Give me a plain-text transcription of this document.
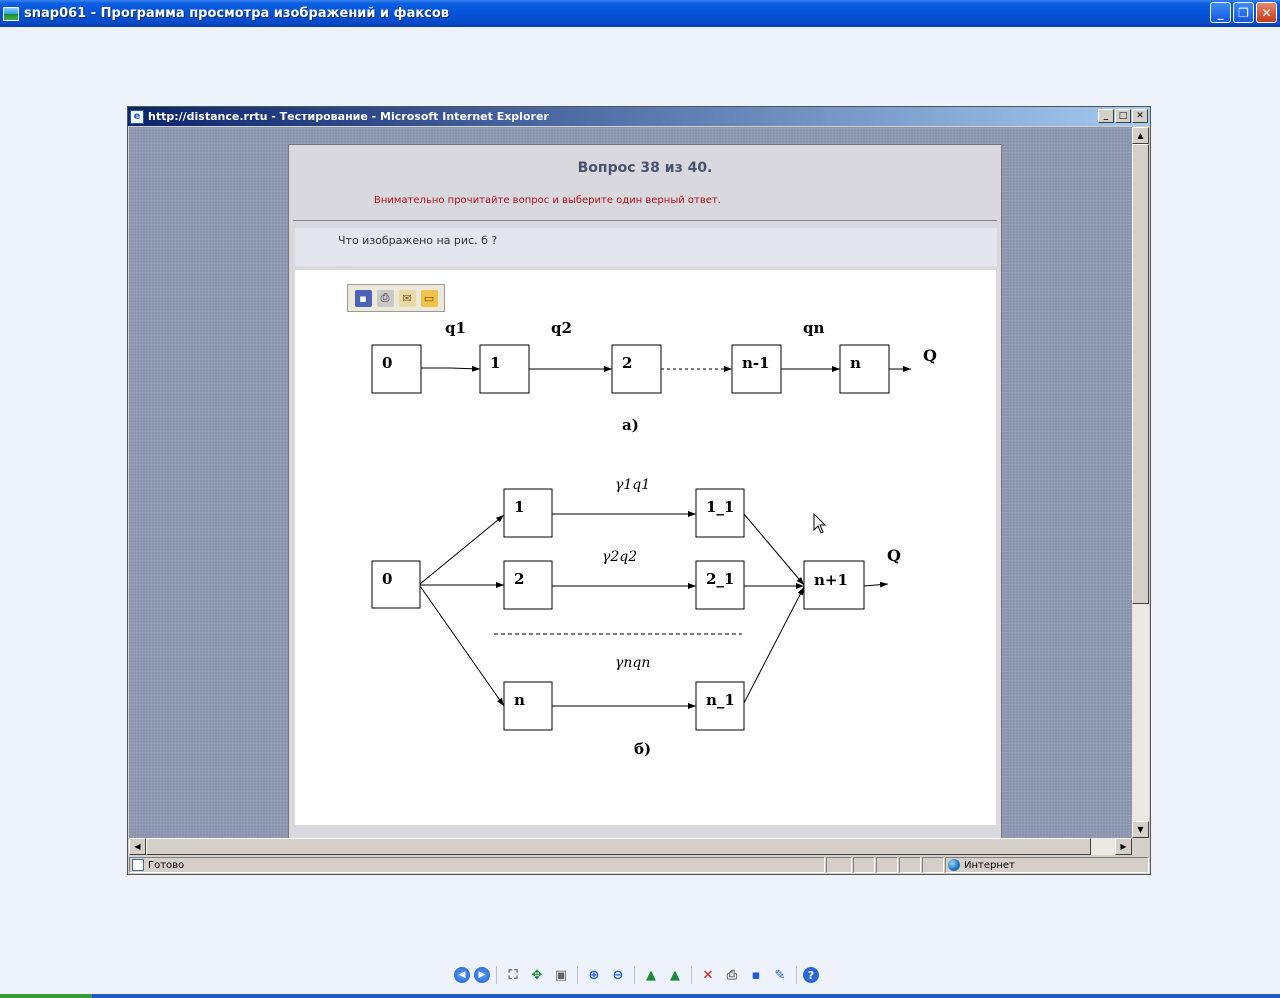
snap061 - Программа просмотра изображений и факсов	_	❐	✕
e http://distance.rrtu - Тестирование - Microsoft Internet Explorer	_	□ ✕
Вопрос 38 из 40.
Внимательно прочитайте вопрос и выберите один верный ответ.
Что изображено на рис. б ?
▪	⎙	✉	▭
0	1	2	n-1	n
q1	q2	qn
Q
а)
0
1
2
n
1_1
2_1
n_1
n+1
γ1q1
γ2q2
γnqn
Q
б)
▲
▼
◀	▶
Готово	Интернет
◀	▶	⛶	✥ ▣	⊕	⊖	▲	▲	✕	⎙	▪	✎	?
